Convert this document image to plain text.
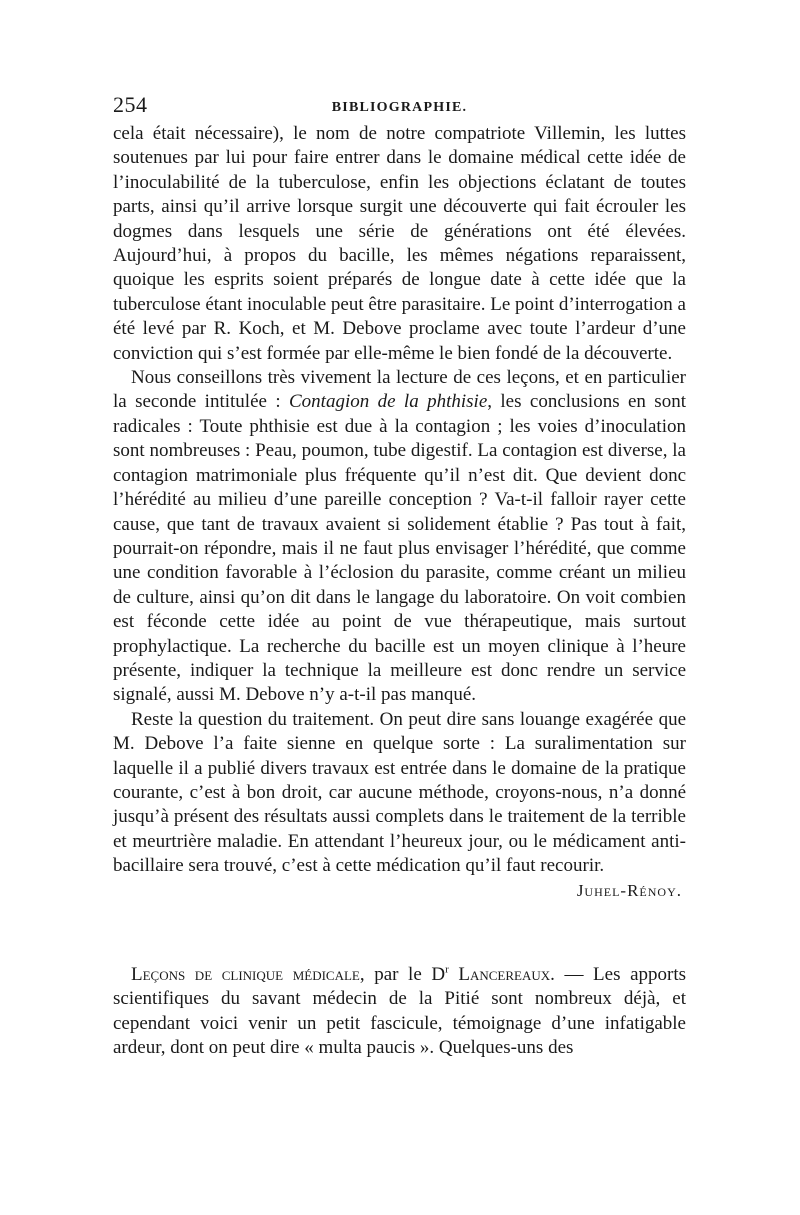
254	BIBLIOGRAPHIE.

cela était nécessaire), le nom de notre compatriote Villemin, les luttes soutenues par lui pour faire entrer dans le domaine médical cette idée de l’inoculabilité de la tuberculose, enfin les objections éclatant de toutes parts, ainsi qu’il arrive lorsque surgit une découverte qui fait écrouler les dogmes dans lesquels une série de générations ont été élevées. Aujourd’hui, à propos du bacille, les mêmes négations reparaissent, quoique les esprits soient préparés de longue date à cette idée que la tuberculose étant inoculable peut être parasitaire. Le point d’interrogation a été levé par R. Koch, et M. Debove proclame avec toute l’ardeur d’une conviction qui s’est formée par elle-même le bien fondé de la découverte.

Nous conseillons très vivement la lecture de ces leçons, et en particulier la seconde intitulée : Contagion de la phthisie, les conclusions en sont radicales : Toute phthisie est due à la contagion ; les voies d’inoculation sont nombreuses : Peau, poumon, tube digestif. La contagion est diverse, la contagion matrimoniale plus fréquente qu’il n’est dit. Que devient donc l’hérédité au milieu d’une pareille conception ? Va-t-il falloir rayer cette cause, que tant de travaux avaient si solidement établie ? Pas tout à fait, pourrait-on répondre, mais il ne faut plus envisager l’hérédité, que comme une condition favorable à l’éclosion du parasite, comme créant un milieu de culture, ainsi qu’on dit dans le langage du laboratoire. On voit combien est féconde cette idée au point de vue thérapeutique, mais surtout prophylactique. La recherche du bacille est un moyen clinique à l’heure présente, indiquer la technique la meilleure est donc rendre un service signalé, aussi M. Debove n’y a-t-il pas manqué.

Reste la question du traitement. On peut dire sans louange exagérée que M. Debove l’a faite sienne en quelque sorte : La suralimentation sur laquelle il a publié divers travaux est entrée dans le domaine de la pratique courante, c’est à bon droit, car aucune méthode, croyons-nous, n’a donné jusqu’à présent des résultats aussi complets dans le traitement de la terrible et meurtrière maladie. En attendant l’heureux jour, ou le médicament anti-bacillaire sera trouvé, c’est à cette médication qu’il faut recourir.

Juhel-Rénoy.

Leçons de clinique médicale, par le $D^r$ Lancereaux. — Les apports scientifiques du savant médecin de la Pitié sont nombreux déjà, et cependant voici venir un petit fascicule, témoignage d’une infatigable ardeur, dont on peut dire « multa paucis ». Quelques-uns des
